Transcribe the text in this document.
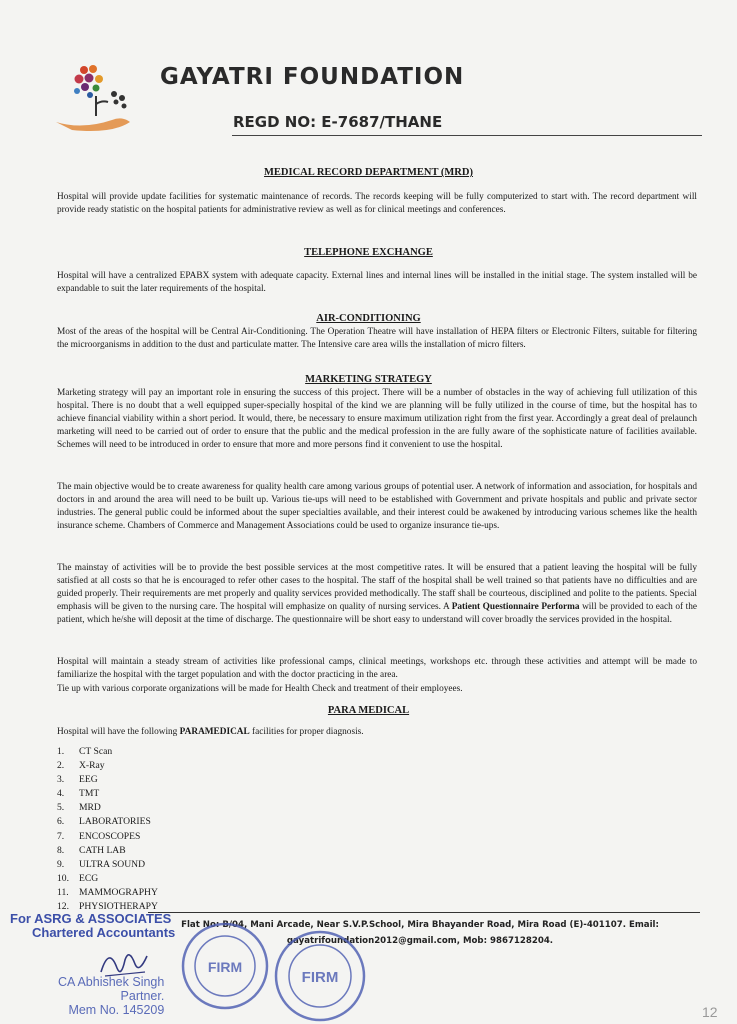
GAYATRI FOUNDATION
REGD NO: E-7687/THANE
MEDICAL RECORD DEPARTMENT (MRD)
Hospital will provide update facilities for systematic maintenance of records. The records keeping will be fully computerized to start with. The record department will provide ready statistic on the hospital patients for administrative review as well as for clinical meetings and conferences.
TELEPHONE EXCHANGE
Hospital will have a centralized EPABX system with adequate capacity. External lines and internal lines will be installed in the initial stage. The system installed will be expandable to suit the later requirements of the hospital.
AIR-CONDITIONING
Most of the areas of the hospital will be Central Air-Conditioning. The Operation Theatre will have installation of HEPA filters or Electronic Filters, suitable for filtering the microorganisms in addition to the dust and particulate matter. The Intensive care area wills the installation of micro filters.
MARKETING STRATEGY
Marketing strategy will pay an important role in ensuring the success of this project. There will be a number of obstacles in the way of achieving full utilization of this hospital. There is no doubt that a well equipped super-specially hospital of the kind we are planning will be fully utilized in the course of time, but the hospital has to achieve financial viability within a short period. It would, there, be necessary to ensure maximum utilization right from the first year. Accordingly a great deal of prelaunch marketing will need to be carried out of order to ensure that the public and the medical profession in the are fully aware of the sophisticate nature of facilities available. Schemes will need to be introduced in order to ensure that more and more persons find it convenient to use the hospital.
The main objective would be to create awareness for quality health care among various groups of potential user. A network of information and association, for hospitals and doctors in and around the area will need to be built up. Various tie-ups will need to be established with Government and private hospitals and public and private sector industries. The general public could be informed about the super specialties available, and their interest could be awakened by introducing various schemes like the health insurance scheme. Chambers of Commerce and Management Associations could be used to organize insurance tie-ups.
The mainstay of activities will be to provide the best possible services at the most competitive rates. It will be ensured that a patient leaving the hospital will be fully satisfied at all costs so that he is encouraged to refer other cases to the hospital. The staff of the hospital shall be well trained so that patients have no difficulties and are guided properly. Their requirements are met properly and quality services provided methodically. The staff shall be courteous, disciplined and polite to the patients. Special emphasis will be given to the nursing care. The hospital will emphasize on quality of nursing services. A Patient Questionnaire Performa will be provided to each of the patient, which he/she will deposit at the time of discharge. The questionnaire will be short easy to understand will cover broadly the services provided in the hospital.
Hospital will maintain a steady stream of activities like professional camps, clinical meetings, workshops etc. through these activities and attempt will be made to familiarize the hospital with the target population and with the doctor practicing in the area.
Tie up with various corporate organizations will be made for Health Check and treatment of their employees.
PARA MEDICAL
Hospital will have the following PARAMEDICAL facilities for proper diagnosis.
1. CT Scan
2. X-Ray
3. EEG
4. TMT
5. MRD
6. LABORATORIES
7. ENCOSCOPES
8. CATH LAB
9. ULTRA SOUND
10. ECG
11. MAMMOGRAPHY
12. PHYSIOTHERAPY
Flat No: B/04, Mani Arcade, Near S.V.P.School, Mira Bhayander Road, Mira Road (E)-401107. Email:
gayatrifoundation2012@gmail.com, Mob: 9867128204.
For ASRG & ASSOCIATES
Chartered Accountants
CA Abhishek Singh
Partner.
Mem No. 145209
FIRM
FIRM
12
